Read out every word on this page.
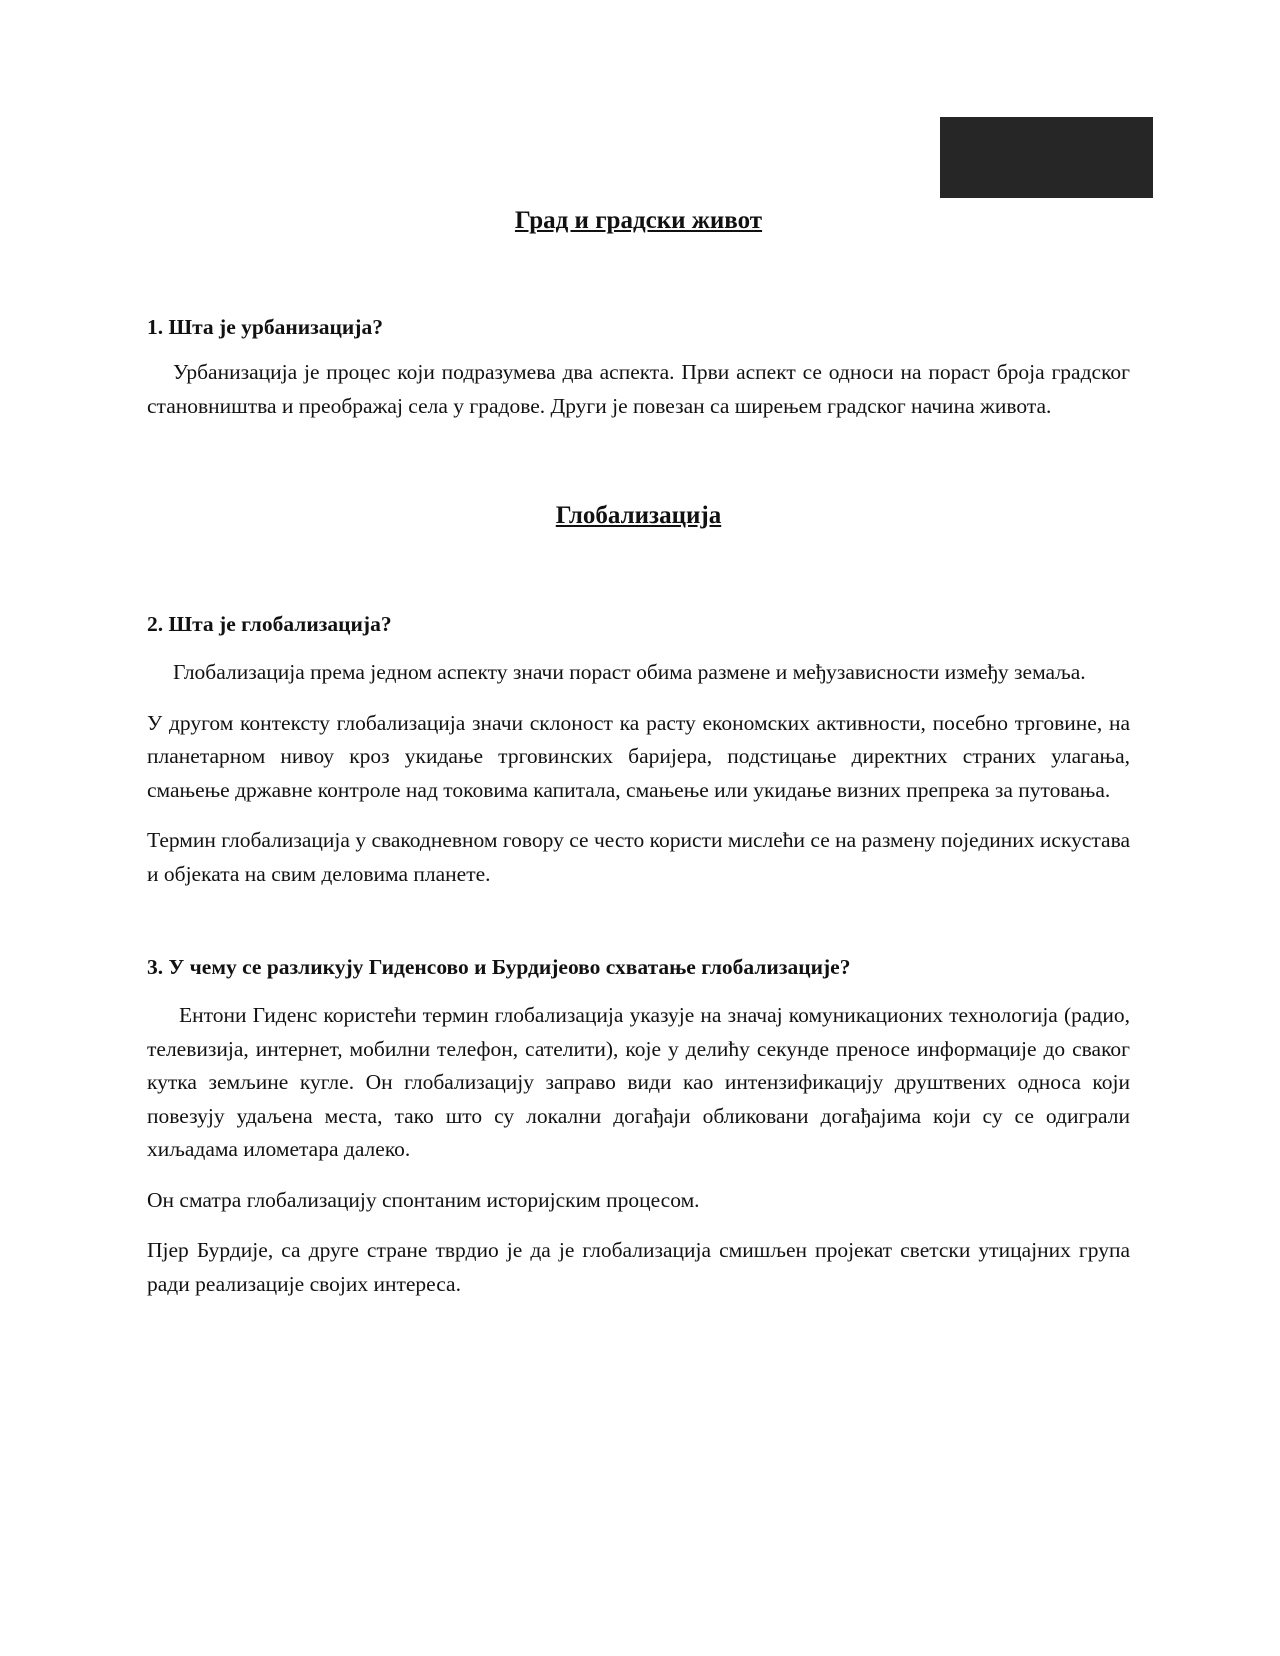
Град и градски живот
1. Шта је урбанизација?

Урбанизација је процес који подразумева два аспекта. Први аспект се односи на пораст броја градског становништва и преображај села у градове. Други је повезан са ширењем градског начина живота.

Глобализација
2. Шта је глобализација?

Глобализација према једном аспекту значи пораст обима размене и међузависности између земаља.

У другом контексту глобализација значи склоност ка расту економских активности, посебно трговине, на планетарном нивоу кроз укидање трговинских баријера, подстицање директних страних улагања, смањење државне контроле над токовима капитала, смањење или укидање визних препрека за путовања.

Термин глобализација у свакодневном говору се често користи мислећи се на размену појединих искустава и објеката на свим деловима планете.

3. У чему се разликују Гиденсово и Бурдијеово схватање глобализације?

Ентони Гиденс користећи термин глобализација указује на значај комуникационих технологија (радио, телевизија, интернет, мобилни телефон, сателити), које у делићу секунде преносе информације до сваког кутка земљине кугле. Он глобализацију заправо види као интензификацију друштвених односа који повезују удаљена места, тако што су локални догађаји обликовани догађајима који су се одиграли хиљадама илометара далеко.

Он сматра глобализацију спонтаним историјским процесом.

Пјер Бурдије, са друге стране тврдио је да је глобализација смишљен пројекат светски утицајних група ради реализације својих интереса.
